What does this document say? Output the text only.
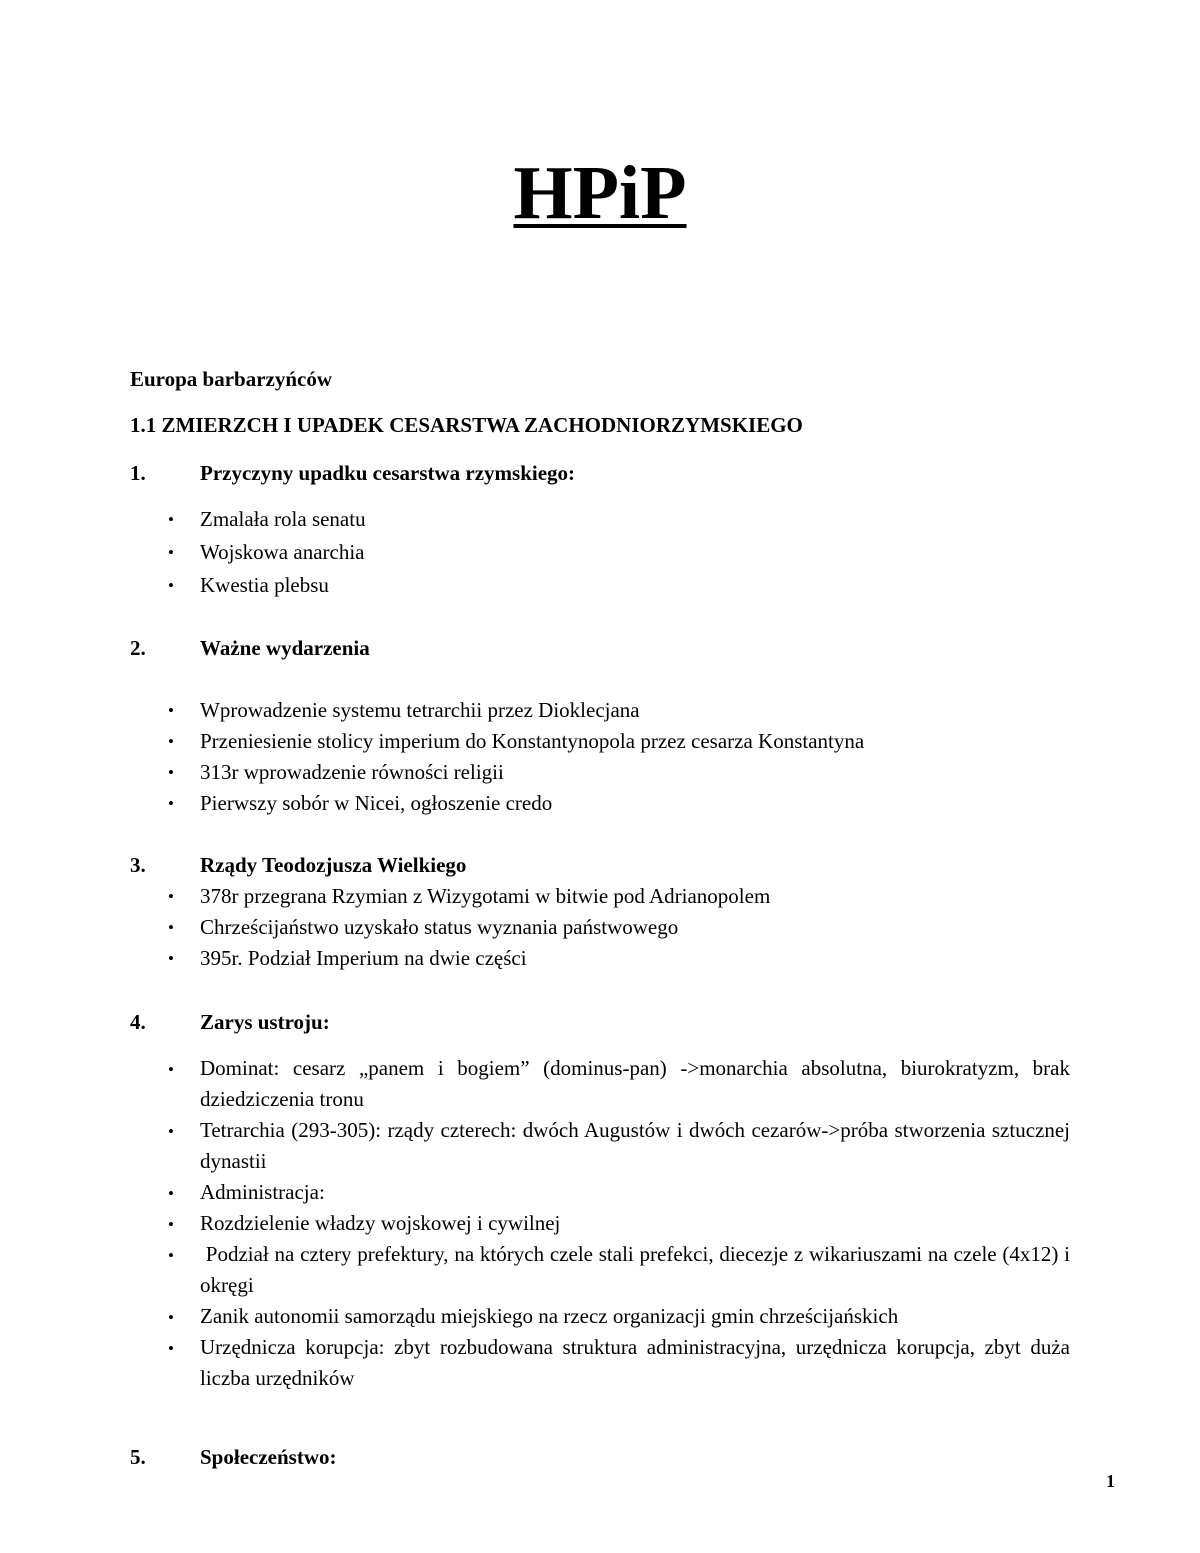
HPiP
Europa barbarzyńców
1.1 ZMIERZCH I UPADEK CESARSTWA ZACHODNIORZYMSKIEGO
1.	Przyczyny upadku cesarstwa rzymskiego:
• Zmalała rola senatu
• Wojskowa anarchia
• Kwestia plebsu
2.	Ważne wydarzenia
• Wprowadzenie systemu tetrarchii przez Dioklecjana
• Przeniesienie stolicy imperium do Konstantynopola przez cesarza Konstantyna
• 313r wprowadzenie równości religii
• Pierwszy sobór w Nicei, ogłoszenie credo
3.	Rządy Teodozjusza Wielkiego
• 378r przegrana Rzymian z Wizygotami w bitwie pod Adrianopolem
• Chrześcijaństwo uzyskało status wyznania państwowego
• 395r. Podział Imperium na dwie części
4.	Zarys ustroju:
• Dominat: cesarz „panem i bogiem” (dominus-pan) ->monarchia absolutna, biurokratyzm, brak dziedziczenia tronu
• Tetrarchia (293-305): rządy czterech: dwóch Augustów i dwóch cezarów->próba stworzenia sztucznej dynastii
• Administracja:
• Rozdzielenie władzy wojskowej i cywilnej
• Podział na cztery prefektury, na których czele stali prefekci, diecezje z wikariuszami na czele (4x12) i okręgi
• Zanik autonomii samorządu miejskiego na rzecz organizacji gmin chrześcijańskich
• Urzędnicza korupcja: zbyt rozbudowana struktura administracyjna, urzędnicza korupcja, zbyt duża liczba urzędników
5.	Społeczeństwo:
1
